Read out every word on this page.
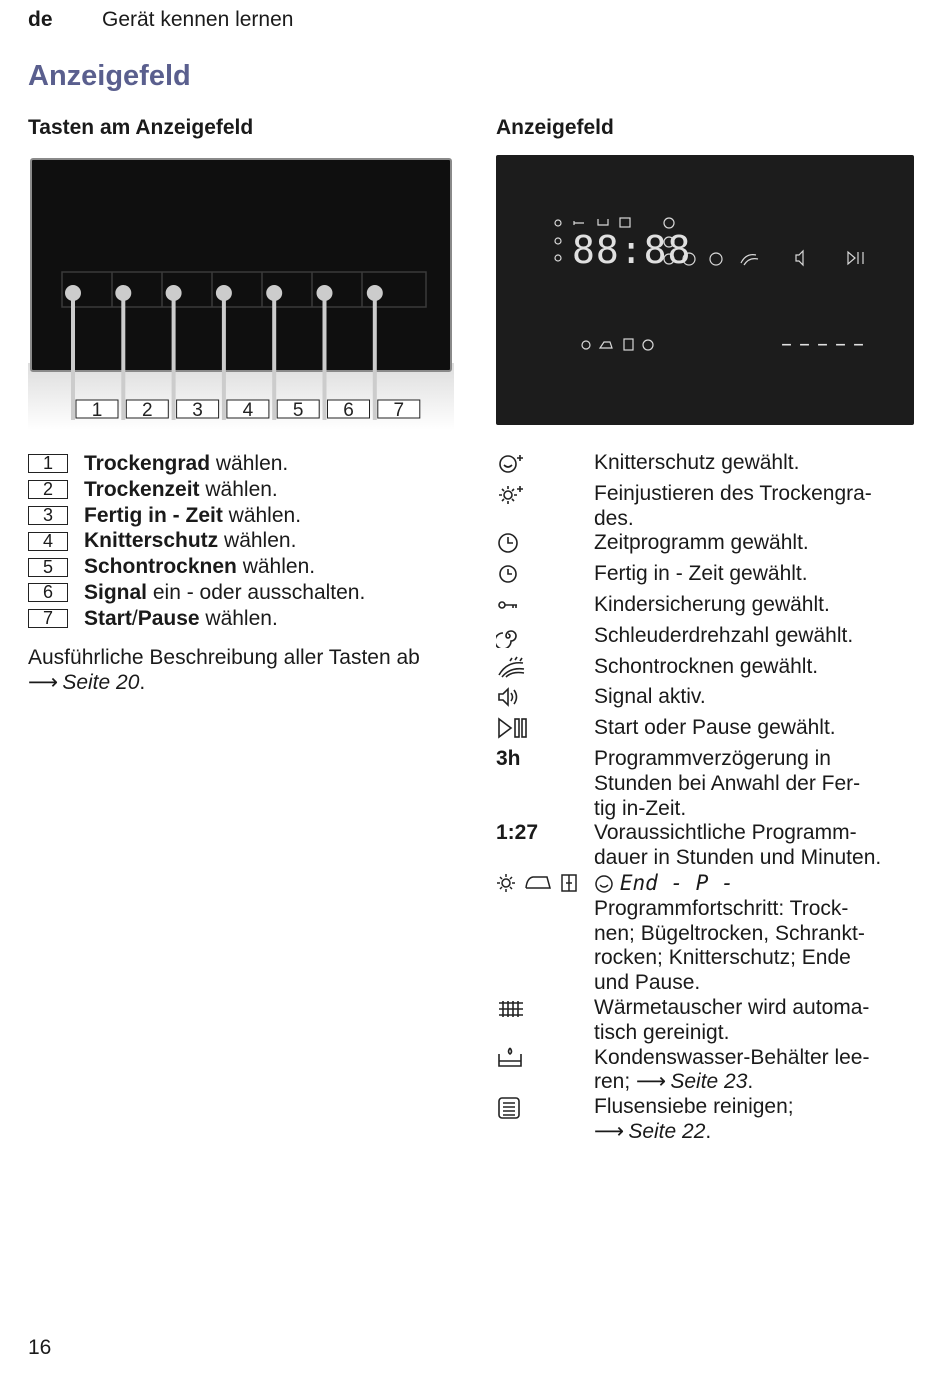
de Gerät kennen lernen
Anzeigefeld
Tasten am Anzeigefeld	Anzeigefeld
1 2 3 4 5 6 7
88:88
– – – – –
1	Trockengrad wählen.
2	Trockenzeit wählen.
3	Fertig in - Zeit wählen.
4	Knitterschutz wählen.
5	Schontrocknen wählen.
6	Signal ein - oder ausschalten.
7	Start/Pause wählen.
Ausführliche Beschreibung aller Tasten ab ⟶  Seite 20.
Knitterschutz gewählt.
Feinjustieren des Trockengra-
des.
Zeitprogramm gewählt.
Fertig in - Zeit gewählt.
Kindersicherung gewählt.
Schleuderdrehzahl gewählt.
Schontrocknen gewählt.
Signal aktiv.
Start oder Pause gewählt.
3h	Programmverzögerung in
Stunden bei Anwahl der Fer-
tig in-Zeit.
1:27	Voraussichtliche Programm-
dauer in Stunden und Minuten.
End - P -
Programmfortschritt: Trock-
nen; Bügeltrocken, Schrankt-
rocken; Knitterschutz; Ende
und Pause.
Wärmetauscher wird automa-
tisch gereinigt.
Kondenswasser-Behälter lee-
ren; ⟶  Seite 23.
Flusensiebe reinigen;
⟶  Seite 22.
16
